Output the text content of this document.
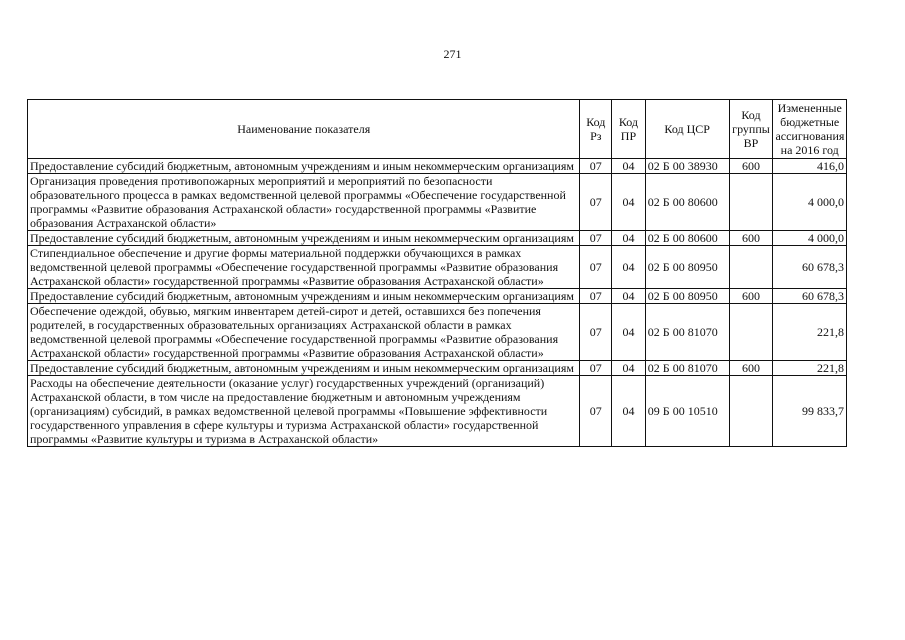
271
Наименование показателя	Код Рз	Код ПР	Код ЦСР	Код группы ВР	Измененные бюджетные ассигнования на 2016 год
Предоставление субсидий бюджетным, автономным учреждениям и иным некоммерческим организациям	07	04	02 Б 00 38930	600	416,0
Организация проведения противопожарных мероприятий и мероприятий по безопасности образовательного процесса в рамках ведомственной целевой программы «Обеспечение государственной программы «Развитие образования Астраханской области» государственной программы «Развитие образования Астраханской области»	07	04	02 Б 00 80600		4 000,0
Предоставление субсидий бюджетным, автономным учреждениям и иным некоммерческим организациям	07	04	02 Б 00 80600	600	4 000,0
Стипендиальное обеспечение и другие формы материальной поддержки обучающихся в рамках ведомственной целевой программы «Обеспечение государственной программы «Развитие образования Астраханской области» государственной программы «Развитие образования Астраханской области»	07	04	02 Б 00 80950		60 678,3
Предоставление субсидий бюджетным, автономным учреждениям и иным некоммерческим организациям	07	04	02 Б 00 80950	600	60 678,3
Обеспечение одеждой, обувью, мягким инвентарем детей-сирот и детей, оставшихся без попечения родителей, в государственных образовательных организациях Астраханской области в рамках ведомственной целевой программы «Обеспечение государственной программы «Развитие образования Астраханской области» государственной программы «Развитие образования Астраханской области»	07	04	02 Б 00 81070		221,8
Предоставление субсидий бюджетным, автономным учреждениям и иным некоммерческим организациям	07	04	02 Б 00 81070	600	221,8
Расходы на обеспечение деятельности (оказание услуг) государственных учреждений (организаций) Астраханской области, в том числе на предоставление бюджетным и автономным учреждениям (организациям) субсидий, в рамках ведомственной целевой программы «Повышение эффективности государственного управления в сфере культуры и туризма Астраханской области» государственной программы «Развитие культуры и туризма в Астраханской области»	07	04	09 Б 00 10510		99 833,7
